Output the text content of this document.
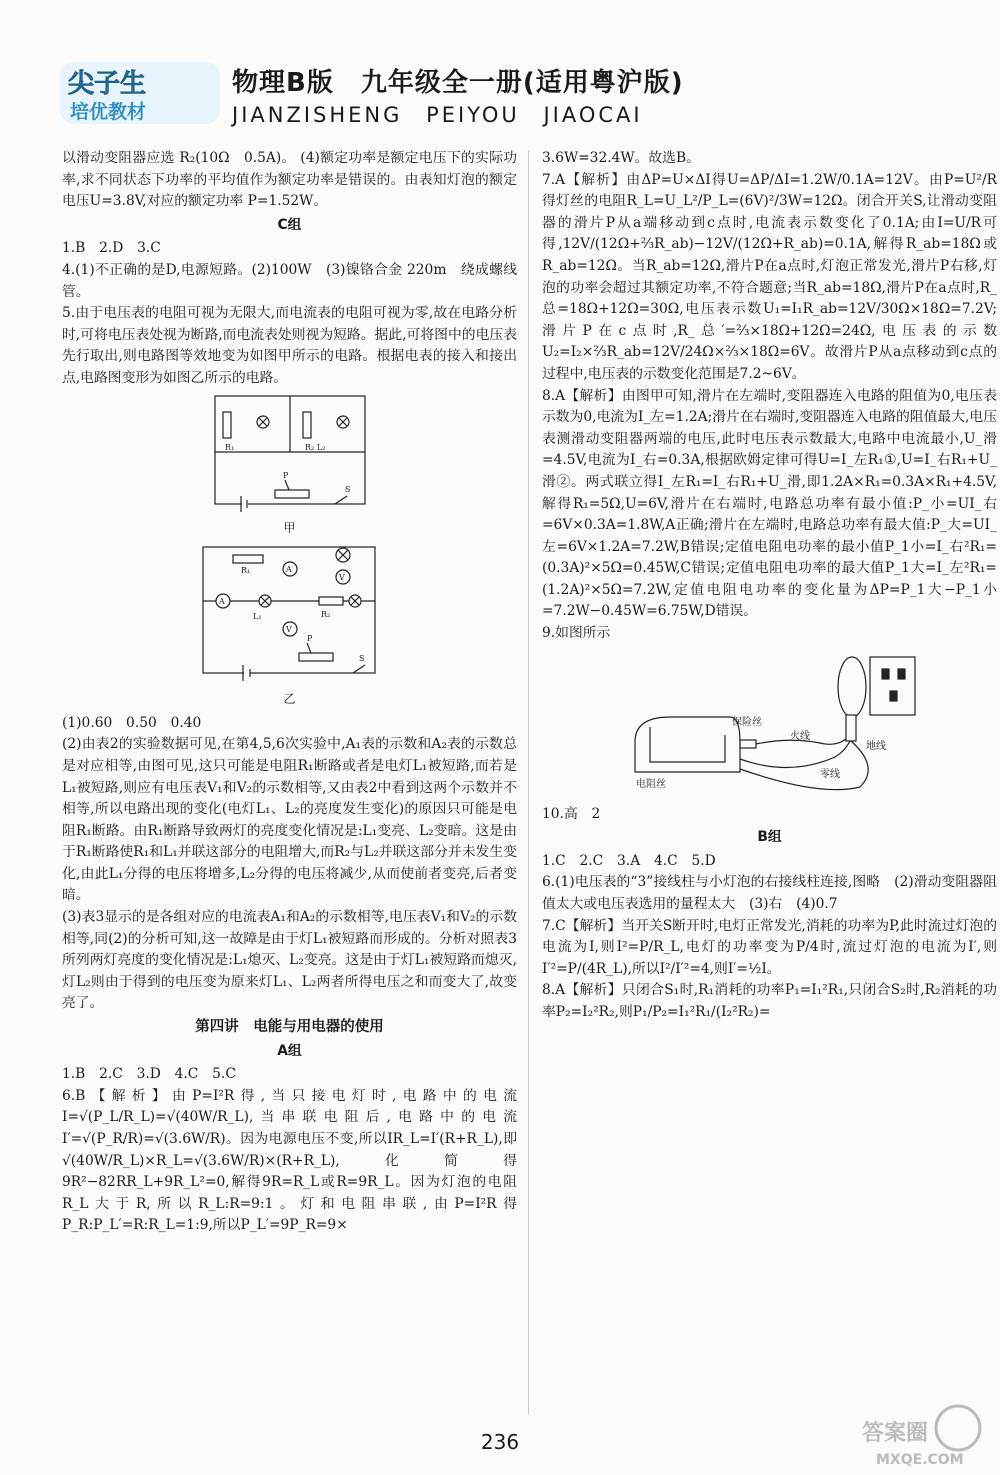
尖子生
培优教材
物理B版　九年级全一册(适用粤沪版)
JIANZISHENG PEIYOU JIAOCAI

以滑动变阻器应选 R₂(10Ω　0.5A)。 (4)额定功率是额定电压下的实际功率,求不同状态下功率的平均值作为额定功率是错误的。由表知灯泡的额定电压U=3.8V,对应的额定功率 P=1.52W。

C组

1.B　2.D　3.C

4.(1)不正确的是D,电源短路。(2)100W　(3)镍铬合金 220m　绕成螺线管。

5.由于电压表的电阻可视为无限大,而电流表的电阻可视为零,故在电路分析时,可将电压表处视为断路,而电流表处则视为短路。据此,可将图中的电压表先行取出,则电路图等效地变为如图甲所示的电路。根据电表的接入和接出点,电路图变形为如图乙所示的电路。

R₁	R₂ L₂
P
S

甲

A
V
A
V
R₁
R₂
L₁
P
S

乙

(1)0.60　0.50　0.40

(2)由表2的实验数据可见,在第4,5,6次实验中,A₁表的示数和A₂表的示数总是对应相等,由图可见,这只可能是电阻R₁断路或者是电灯L₁被短路,而若是L₁被短路,则应有电压表V₁和V₂的示数相等,又由表2中看到这两个示数并不相等,所以电路出现的变化(电灯L₁、L₂的亮度发生变化)的原因只可能是电阻R₁断路。由R₁断路导致两灯的亮度变化情况是:L₁变亮、L₂变暗。这是由于R₁断路使R₁和L₁并联这部分的电阻增大,而R₂与L₂并联这部分并未发生变化,由此L₁分得的电压将增多,L₂分得的电压将减少,从而使前者变亮,后者变暗。

(3)表3显示的是各组对应的电流表A₁和A₂的示数相等,电压表V₁和V₂的示数相等,同(2)的分析可知,这一故障是由于灯L₁被短路而形成的。分析对照表3所列两灯亮度的变化情况是:L₁熄灭、L₂变亮。这是由于灯L₁被短路而熄灭,灯L₂则由于得到的电压变为原来灯L₁、L₂两者所得电压之和而变大了,故变亮了。

第四讲　电能与用电器的使用

A组

1.B　2.C　3.D　4.C　5.C

6.B【解析】由P=I²R得,当只接电灯时,电路中的电流I=√(P_L/R_L)=√(40W/R_L),当串联电阻后,电路中的电流I′=√(P_R/R)=√(3.6W/R)。因为电源电压不变,所以IR_L=I′(R+R_L),即√(40W/R_L)×R_L=√(3.6W/R)×(R+R_L),化简得9R²−82RR_L+9R_L²=0,解得9R=R_L或R=9R_L。因为灯泡的电阻R_L大于R,所以R_L:R=9:1。灯和电阻串联,由P=I²R得P_R:P_L′=R:R_L=1:9,所以P_L′=9P_R=9×

3.6W=32.4W。故选B。

7.A【解析】由ΔP=U×ΔI得U=ΔP/ΔI=1.2W/0.1A=12V。由P=U²/R得灯丝的电阻R_L=U_L²/P_L=(6V)²/3W=12Ω。闭合开关S,让滑动变阻器的滑片P从a端移动到c点时,电流表示数变化了0.1A;由I=U/R可得,12V/(12Ω+⅔R_ab)−12V/(12Ω+R_ab)=0.1A,解得R_ab=18Ω或R_ab=12Ω。当R_ab=12Ω,滑片P在a点时,灯泡正常发光,滑片P右移,灯泡的功率会超过其额定功率,不符合题意;当R_ab=18Ω,滑片P在a点时,R_总=18Ω+12Ω=30Ω,电压表示数U₁=I₁R_ab=12V/30Ω×18Ω=7.2V;滑片P在c点时,R_总′=⅔×18Ω+12Ω=24Ω,电压表的示数U₂=I₂×⅔R_ab=12V/24Ω×⅔×18Ω=6V。故滑片P从a点移动到c点的过程中,电压表的示数变化范围是7.2~6V。

8.A【解析】由图甲可知,滑片在左端时,变阻器连入电路的阻值为0,电压表示数为0,电流为I_左=1.2A;滑片在右端时,变阻器连入电路的阻值最大,电压表测滑动变阻器两端的电压,此时电压表示数最大,电路中电流最小,U_滑=4.5V,电流为I_右=0.3A,根据欧姆定律可得U=I_左R₁①,U=I_右R₁+U_滑②。两式联立得I_左R₁=I_右R₁+U_滑,即1.2A×R₁=0.3A×R₁+4.5V,解得R₁=5Ω,U=6V,滑片在右端时,电路总功率有最小值:P_小=UI_右=6V×0.3A=1.8W,A正确;滑片在左端时,电路总功率有最大值:P_大=UI_左=6V×1.2A=7.2W,B错误;定值电阻电功率的最小值P_1小=I_右²R₁=(0.3A)²×5Ω=0.45W,C错误;定值电阻电功率的最大值P_1大=I_左²R₁=(1.2A)²×5Ω=7.2W,定值电阻电功率的变化量为ΔP=P_1大−P_1小=7.2W−0.45W=6.75W,D错误。

9.如图所示

保险丝
火线
地线
零线
电阻丝

10.高　2

B组

1.C　2.C　3.A　4.C　5.D

6.(1)电压表的“3”接线柱与小灯泡的右接线柱连接,图略　(2)滑动变阻器阻值太大或电压表选用的量程太大　(3)右　(4)0.7

7.C【解析】当开关S断开时,电灯正常发光,消耗的功率为P,此时流过灯泡的电流为I,则I²=P/R_L,电灯的功率变为P/4时,流过灯泡的电流为I′,则I′²=P/(4R_L),所以I²/I′²=4,则I′=½I。

8.A【解析】只闭合S₁时,R₁消耗的功率P₁=I₁²R₁,只闭合S₂时,R₂消耗的功率P₂=I₂²R₂,则P₁/P₂=I₁²R₁/(I₂²R₂)=

236	答案圈
MXQE.COM
